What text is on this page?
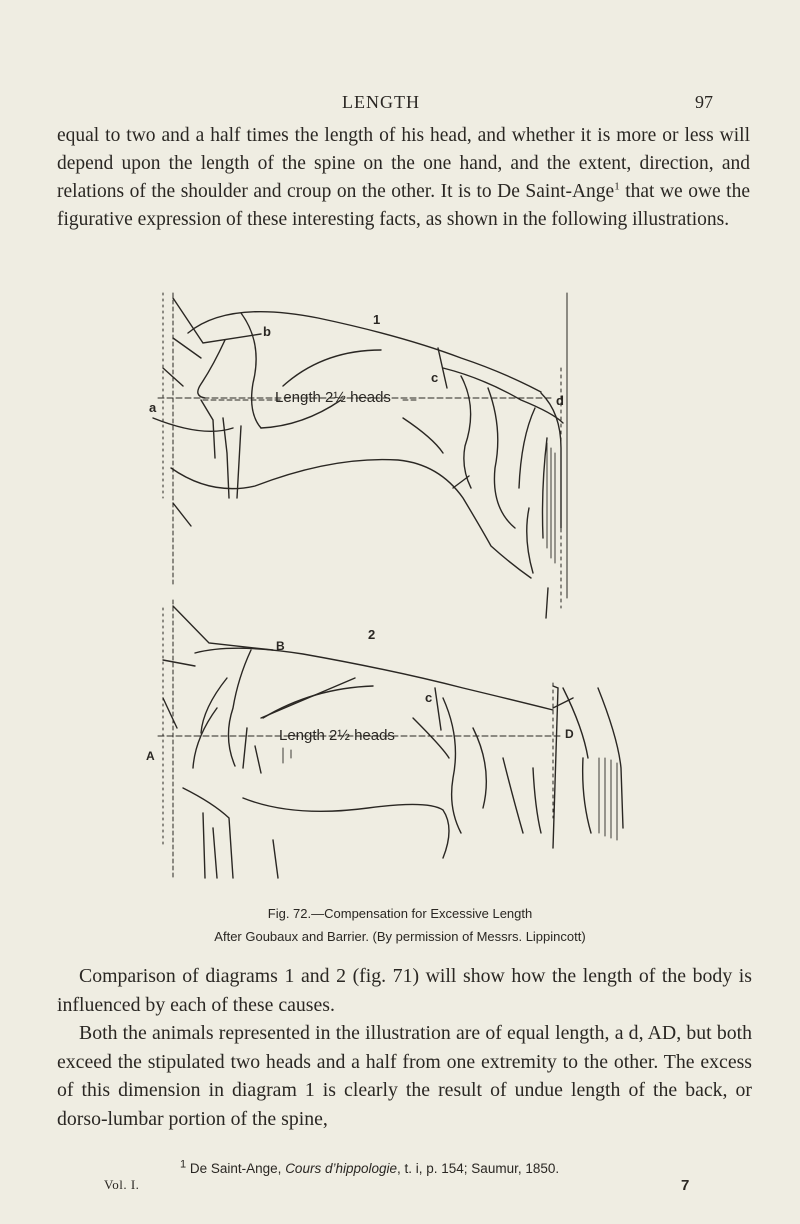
LENGTH	97

equal to two and a half times the length of his head, and whether it is more or less will depend upon the length of the spine on the one hand, and the extent, direction, and relations of the shoulder and croup on the other. It is to De Saint-Ange$^1$ that we owe the figurative expression of these interesting facts, as shown in the following illustrations.

1
b
c
d
a
Length 2½ heads
2
B
c
D
A
Length 2½ heads
Fig. 72.—Compensation for Excessive Length
After Goubaux and Barrier. (By permission of Messrs. Lippincott)

Comparison of diagrams 1 and 2 (fig. 71) will show how the length of the body is influenced by each of these causes.
Both the animals represented in the illustration are of equal length, a d, AD, but both exceed the stipulated two heads and a half from one extremity to the other. The excess of this dimension in diagram 1 is clearly the result of undue length of the back, or dorso-lumbar portion of the spine,

$^1$ De Saint-Ange, Cours d’hippologie, t. i, p. 154; Saumur, 1850.
Vol. I.	7
